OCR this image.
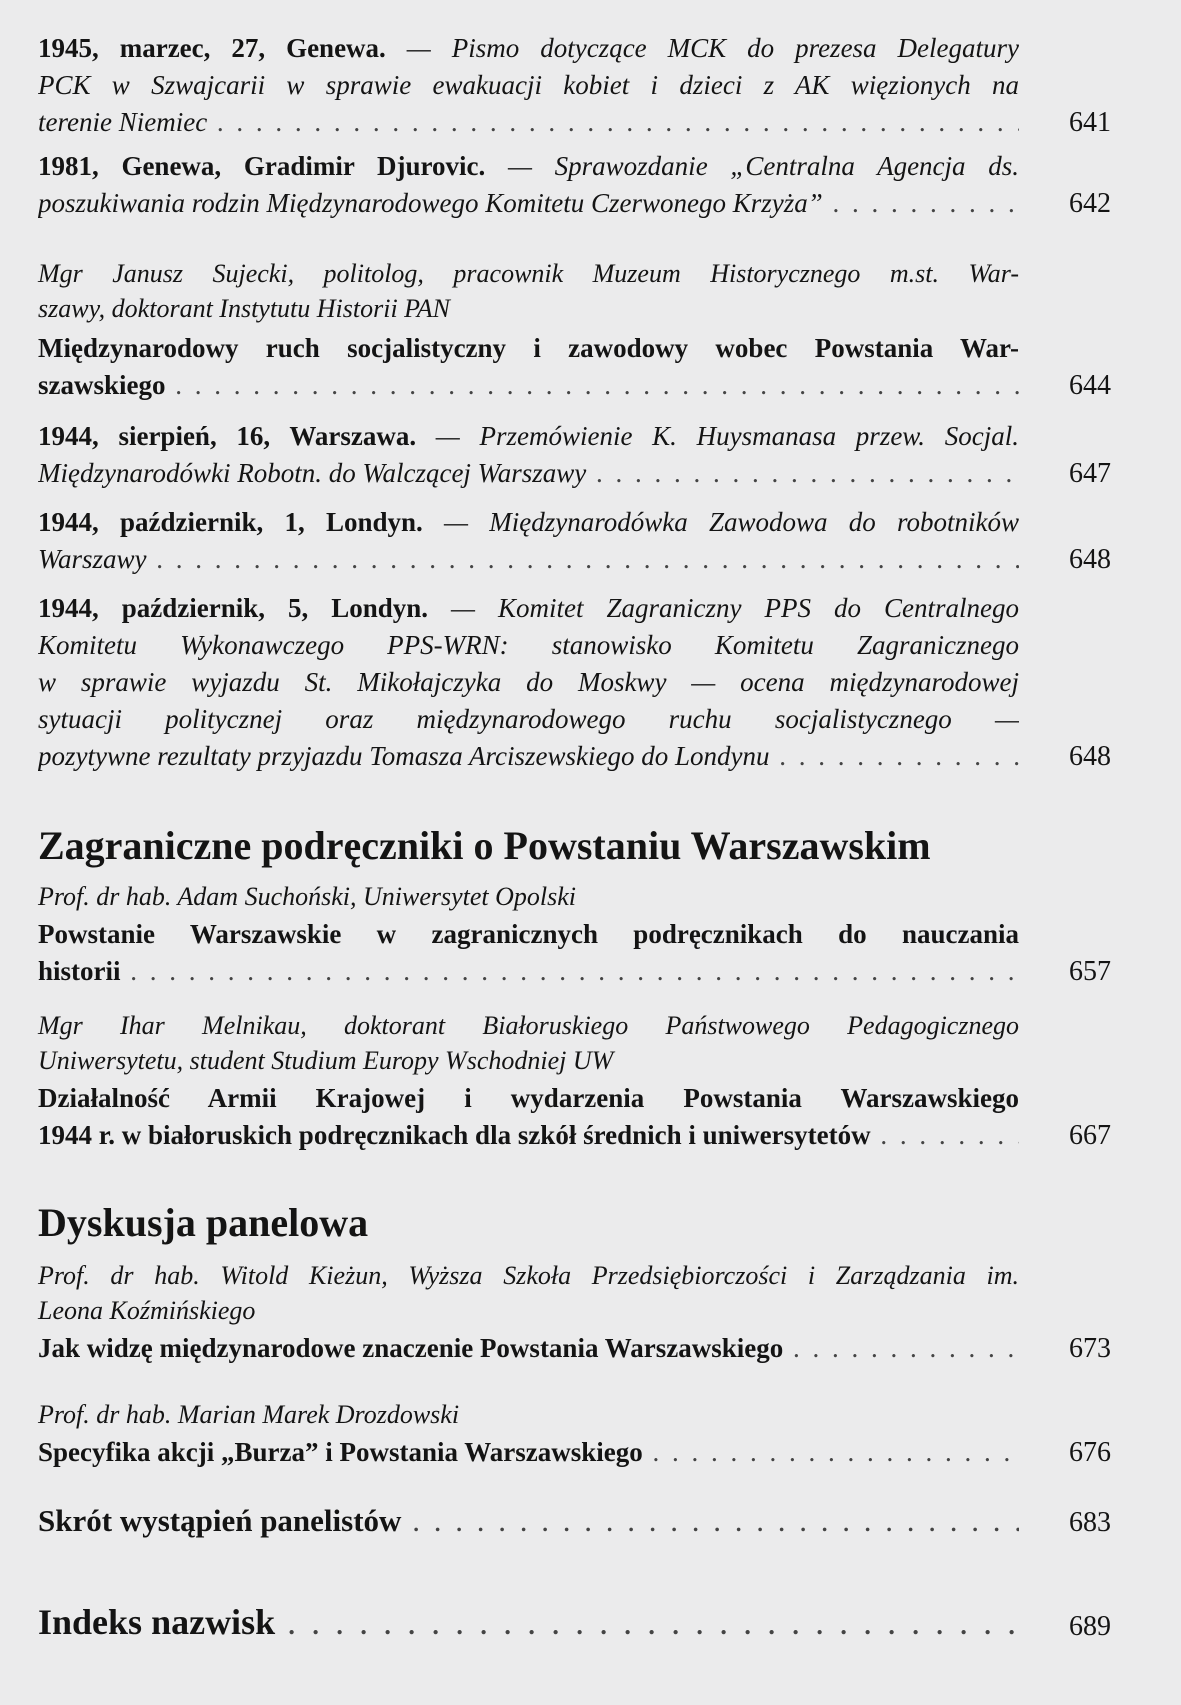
1945, marzec, 27, Genewa. — Pismo dotyczące MCK do prezesa Delegatury
PCK w Szwajcarii w sprawie ewakuacji kobiet i dzieci z AK więzionych na
terenie Niemiec . . .	641
1981, Genewa, Gradimir Djurovic. — Sprawozdanie „Centralna Agencja ds.
poszukiwania rodzin Międzynarodowego Komitetu Czerwonego Krzyża” . . .	642
Mgr Janusz Sujecki, politolog, pracownik Muzeum Historycznego m.st. War-
szawy, doktorant Instytutu Historii PAN
Międzynarodowy ruch socjalistyczny i zawodowy wobec Powstania War-
szawskiego . . .	644
1944, sierpień, 16, Warszawa. — Przemówienie K. Huysmanasa przew. Socjal.
Międzynarodówki Robotn. do Walczącej Warszawy . . .	647
1944, październik, 1, Londyn. — Międzynarodówka Zawodowa do robotników
Warszawy . . .	648
1944, październik, 5, Londyn. — Komitet Zagraniczny PPS do Centralnego
Komitetu Wykonawczego PPS-WRN: stanowisko Komitetu Zagranicznego
w sprawie wyjazdu St. Mikołajczyka do Moskwy — ocena międzynarodowej
sytuacji politycznej oraz międzynarodowego ruchu socjalistycznego —
pozytywne rezultaty przyjazdu Tomasza Arciszewskiego do Londynu . . .	648
Zagraniczne podręczniki o Powstaniu Warszawskim
Prof. dr hab. Adam Suchoński, Uniwersytet Opolski
Powstanie Warszawskie w zagranicznych podręcznikach do nauczania
historii . . .	657
Mgr Ihar Melnikau, doktorant Białoruskiego Państwowego Pedagogicznego
Uniwersytetu, student Studium Europy Wschodniej UW
Działalność Armii Krajowej i wydarzenia Powstania Warszawskiego
1944 r. w białoruskich podręcznikach dla szkół średnich i uniwersytetów . . .	667
Dyskusja panelowa
Prof. dr hab. Witold Kieżun, Wyższa Szkoła Przedsiębiorczości i Zarządzania im.
Leona Koźmińskiego
Jak widzę międzynarodowe znaczenie Powstania Warszawskiego . . .	673
Prof. dr hab. Marian Marek Drozdowski
Specyfika akcji „Burza” i Powstania Warszawskiego . . .	676
Skrót wystąpień panelistów . . .	683
Indeks nazwisk . . .	689
